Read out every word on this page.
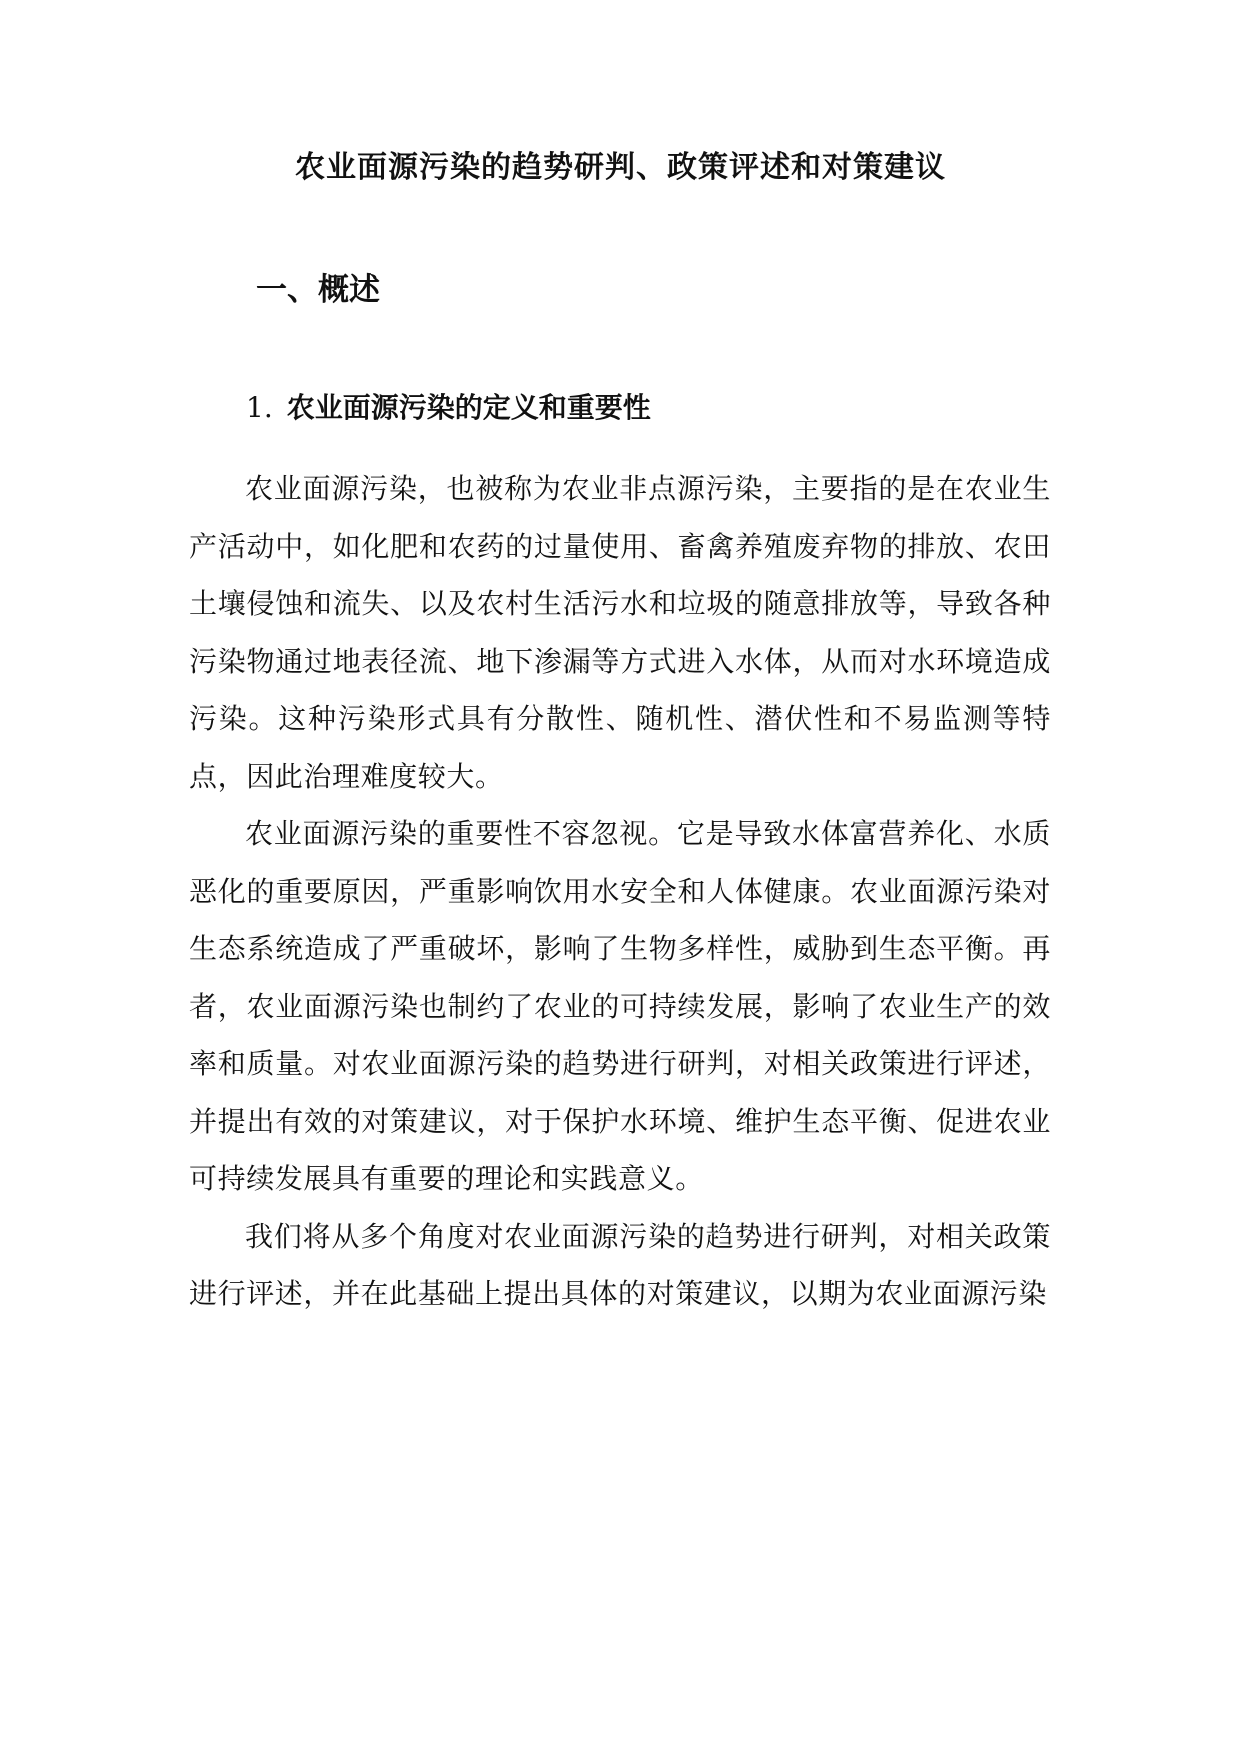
农业面源污染的趋势研判、政策评述和对策建议
一、概述
1. 农业面源污染的定义和重要性

农业面源污染，也被称为农业非点源污染，主要指的是在农业生产活动中，如化肥和农药的过量使用、畜禽养殖废弃物的排放、农田土壤侵蚀和流失、以及农村生活污水和垃圾的随意排放等，导致各种污染物通过地表径流、地下渗漏等方式进入水体，从而对水环境造成污染。这种污染形式具有分散性、随机性、潜伏性和不易监测等特点，因此治理难度较大。

农业面源污染的重要性不容忽视。它是导致水体富营养化、水质恶化的重要原因，严重影响饮用水安全和人体健康。农业面源污染对生态系统造成了严重破坏，影响了生物多样性，威胁到生态平衡。再者，农业面源污染也制约了农业的可持续发展，影响了农业生产的效率和质量。对农业面源污染的趋势进行研判，对相关政策进行评述，并提出有效的对策建议，对于保护水环境、维护生态平衡、促进农业可持续发展具有重要的理论和实践意义。

我们将从多个角度对农业面源污染的趋势进行研判，对相关政策进行评述，并在此基础上提出具体的对策建议，以期为农业面源污染
